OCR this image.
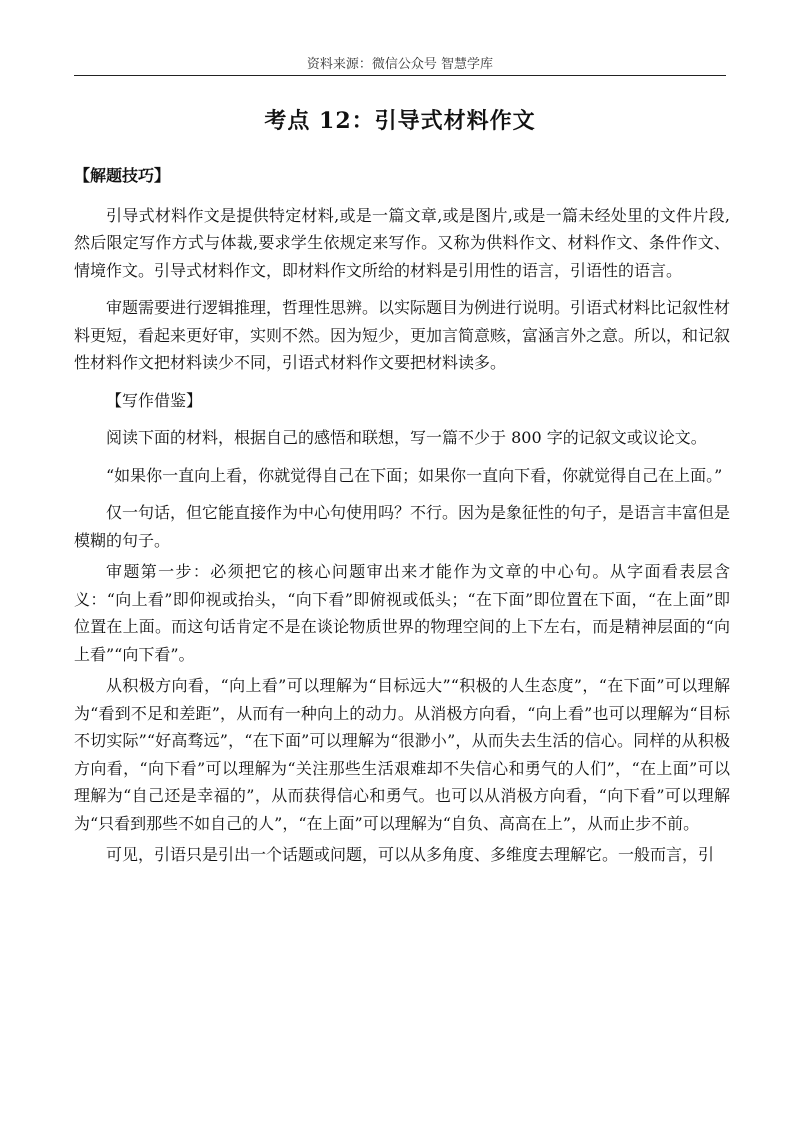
资料来源：微信公众号 智慧学库
考点 12：引导式材料作文

【解题技巧】

引导式材料作文是提供特定材料,或是一篇文章,或是图片,或是一篇未经处里的文件片段,然后限定写作方式与体裁,要求学生依规定来写作。又称为供料作文、材料作文、条件作文、情境作文。引导式材料作文，即材料作文所给的材料是引用性的语言，引语性的语言。

审题需要进行逻辑推理，哲理性思辨。以实际题目为例进行说明。引语式材料比记叙性材料更短，看起来更好审，实则不然。因为短少，更加言简意赅，富涵言外之意。所以，和记叙性材料作文把材料读少不同，引语式材料作文要把材料读多。

【写作借鉴】

阅读下面的材料，根据自己的感悟和联想，写一篇不少于 800 字的记叙文或议论文。

“如果你一直向上看，你就觉得自己在下面；如果你一直向下看，你就觉得自己在上面。”

仅一句话，但它能直接作为中心句使用吗？不行。因为是象征性的句子，是语言丰富但是模糊的句子。

审题第一步：必须把它的核心问题审出来才能作为文章的中心句。从字面看表层含义：“向上看”即仰视或抬头，“向下看”即俯视或低头；“在下面”即位置在下面，“在上面”即位置在上面。而这句话肯定不是在谈论物质世界的物理空间的上下左右，而是精神层面的“向上看”“向下看”。

从积极方向看，“向上看”可以理解为“目标远大”“积极的人生态度”，“在下面”可以理解为“看到不足和差距”，从而有一种向上的动力。从消极方向看，“向上看”也可以理解为“目标不切实际”“好高骛远”，“在下面”可以理解为“很渺小”，从而失去生活的信心。同样的从积极方向看，“向下看”可以理解为“关注那些生活艰难却不失信心和勇气的人们”，“在上面”可以理解为“自己还是幸福的”，从而获得信心和勇气。也可以从消极方向看，“向下看”可以理解为“只看到那些不如自己的人”，“在上面”可以理解为“自负、高高在上”，从而止步不前。

可见，引语只是引出一个话题或问题，可以从多角度、多维度去理解它。一般而言，引
